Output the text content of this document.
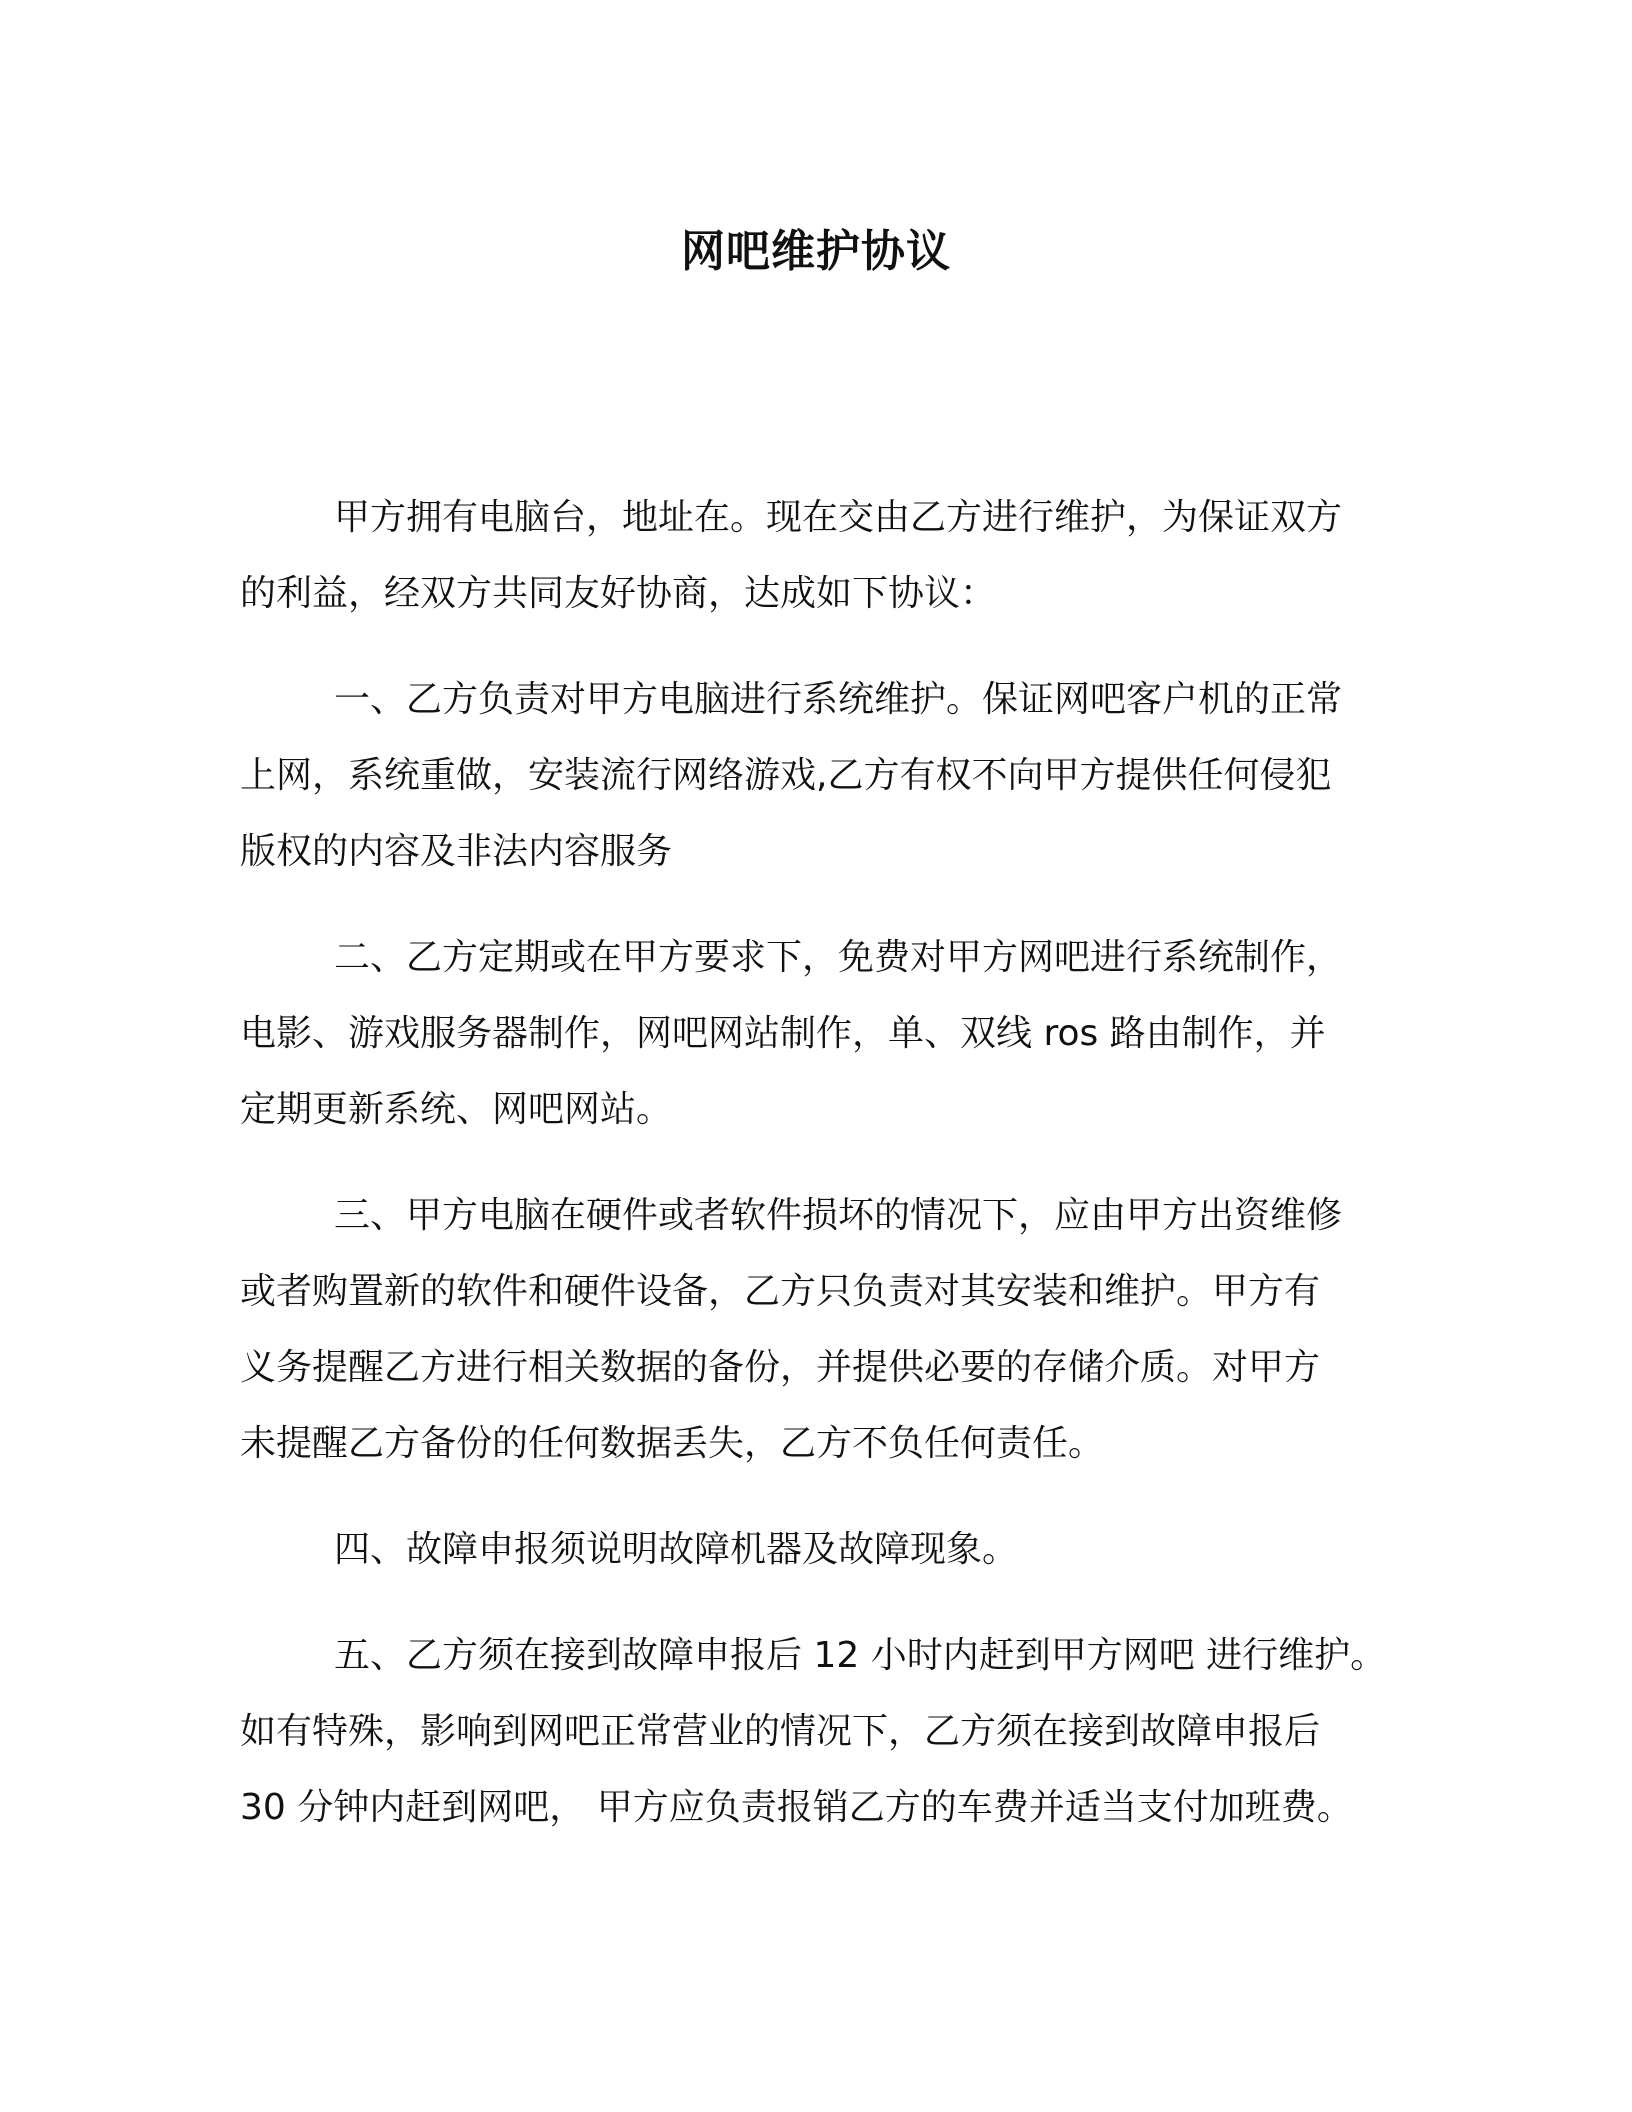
网吧维护协议
甲方拥有电脑台，地址在。现在交由乙方进行维护，为保证双方
的利益，经双方共同友好协商，达成如下协议：
一、乙方负责对甲方电脑进行系统维护。保证网吧客户机的正常
上网，系统重做，安装流行网络游戏,乙方有权不向甲方提供任何侵犯
版权的内容及非法内容服务
二、乙方定期或在甲方要求下，免费对甲方网吧进行系统制作，
电影、游戏服务器制作，网吧网站制作，单、双线 ros 路由制作，并
定期更新系统、网吧网站。
三、甲方电脑在硬件或者软件损坏的情况下，应由甲方出资维修
或者购置新的软件和硬件设备，乙方只负责对其安装和维护。甲方有
义务提醒乙方进行相关数据的备份，并提供必要的存储介质。对甲方
未提醒乙方备份的任何数据丢失，乙方不负任何责任。
四、故障申报须说明故障机器及故障现象。
五、乙方须在接到故障申报后 12 小时内赶到甲方网吧 进行维护。
如有特殊，影响到网吧正常营业的情况下，乙方须在接到故障申报后
30 分钟内赶到网吧， 甲方应负责报销乙方的车费并适当支付加班费。
